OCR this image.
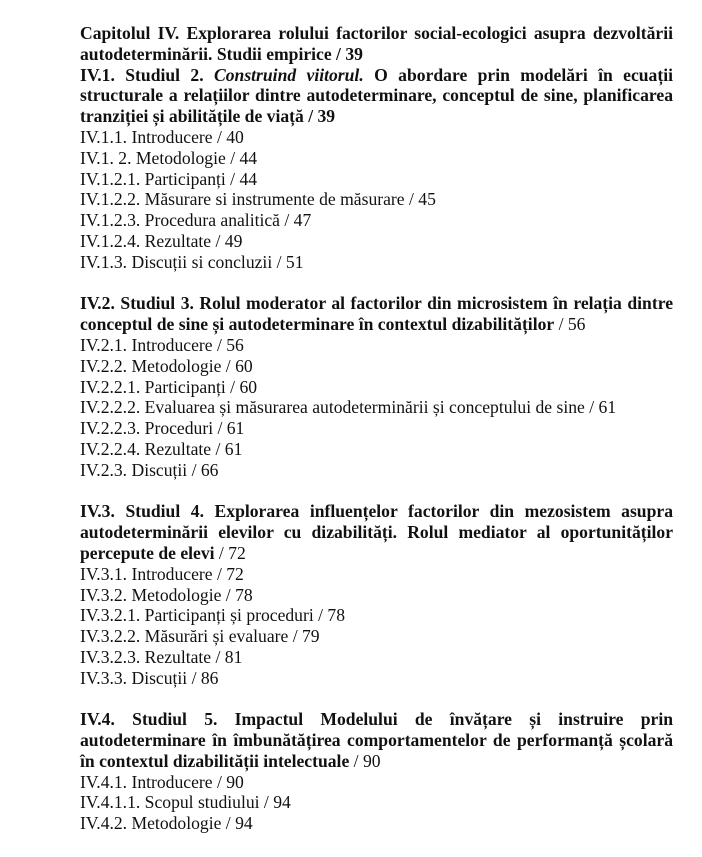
Capitolul IV. Explorarea rolului factorilor social-ecologici asupra dezvoltării autodeterminării. Studii empirice / 39

IV.1. Studiul 2. Construind viitorul. O abordare prin modelări în ecuații structurale a relațiilor dintre autodeterminare, conceptul de sine, planificarea tranziției și abilitățile de viață / 39

IV.1.1. Introducere / 40

IV.1. 2. Metodologie / 44

IV.1.2.1. Participanți / 44

IV.1.2.2. Măsurare si instrumente de măsurare / 45

IV.1.2.3. Procedura analitică / 47

IV.1.2.4. Rezultate / 49

IV.1.3. Discuții si concluzii / 51

IV.2. Studiul 3. Rolul moderator al factorilor din microsistem în relația dintre conceptul de sine și autodeterminare în contextul dizabilităților / 56

IV.2.1. Introducere / 56

IV.2.2. Metodologie / 60

IV.2.2.1. Participanți / 60

IV.2.2.2. Evaluarea și măsurarea autodeterminării și conceptului de sine / 61

IV.2.2.3. Proceduri / 61

IV.2.2.4. Rezultate / 61

IV.2.3. Discuții / 66

IV.3. Studiul 4. Explorarea influențelor factorilor din mezosistem asupra autodeterminării elevilor cu dizabilități. Rolul mediator al oportunităților percepute de elevi / 72

IV.3.1. Introducere / 72

IV.3.2. Metodologie / 78

IV.3.2.1. Participanți și proceduri / 78

IV.3.2.2. Măsurări și evaluare / 79

IV.3.2.3. Rezultate / 81

IV.3.3. Discuții / 86

IV.4. Studiul 5. Impactul Modelului de învățare și instruire prin autodeterminare în îmbunătățirea comportamentelor de performanță școlară în contextul dizabilității intelectuale / 90

IV.4.1. Introducere / 90

IV.4.1.1. Scopul studiului / 94

IV.4.2. Metodologie / 94
